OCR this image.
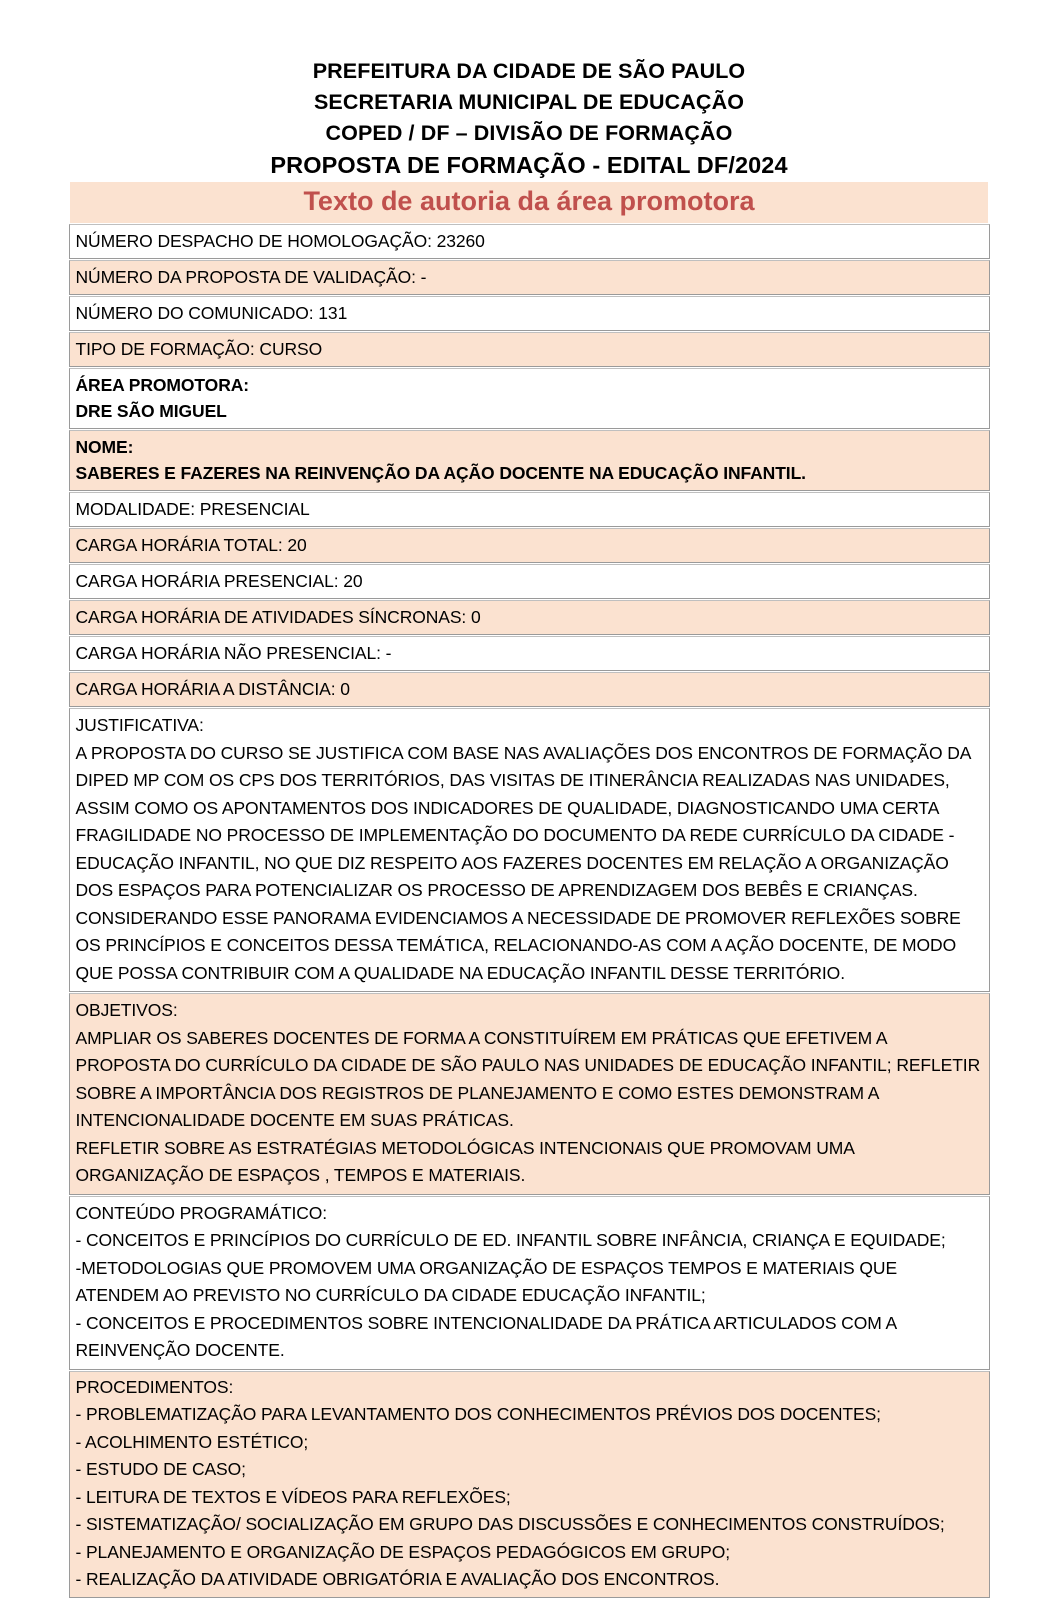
PREFEITURA DA CIDADE DE SÃO PAULO
SECRETARIA MUNICIPAL DE EDUCAÇÃO
COPED / DF – DIVISÃO DE FORMAÇÃO
PROPOSTA DE FORMAÇÃO - EDITAL DF/2024
Texto de autoria da área promotora
NÚMERO DESPACHO DE HOMOLOGAÇÃO: 23260
NÚMERO DA PROPOSTA DE VALIDAÇÃO: -
NÚMERO DO COMUNICADO: 131
TIPO DE FORMAÇÃO: CURSO
ÁREA PROMOTORA:
DRE SÃO MIGUEL
NOME:
SABERES E FAZERES NA REINVENÇÃO DA AÇÃO DOCENTE NA EDUCAÇÃO INFANTIL.
MODALIDADE: PRESENCIAL
CARGA HORÁRIA TOTAL: 20
CARGA HORÁRIA PRESENCIAL: 20
CARGA HORÁRIA DE ATIVIDADES SÍNCRONAS: 0
CARGA HORÁRIA NÃO PRESENCIAL: -
CARGA HORÁRIA A DISTÂNCIA: 0
JUSTIFICATIVA:
A PROPOSTA DO CURSO SE JUSTIFICA COM BASE NAS AVALIAÇÕES DOS ENCONTROS DE FORMAÇÃO DA DIPED MP COM OS CPS DOS TERRITÓRIOS, DAS VISITAS DE ITINERÂNCIA REALIZADAS NAS UNIDADES, ASSIM COMO OS APONTAMENTOS DOS INDICADORES DE QUALIDADE, DIAGNOSTICANDO UMA CERTA FRAGILIDADE NO PROCESSO DE IMPLEMENTAÇÃO DO DOCUMENTO DA REDE CURRÍCULO DA CIDADE - EDUCAÇÃO INFANTIL, NO QUE DIZ RESPEITO AOS FAZERES DOCENTES EM RELAÇÃO A ORGANIZAÇÃO DOS ESPAÇOS PARA POTENCIALIZAR OS PROCESSO DE APRENDIZAGEM DOS BEBÊS E CRIANÇAS.
CONSIDERANDO ESSE PANORAMA EVIDENCIAMOS A NECESSIDADE DE PROMOVER REFLEXÕES SOBRE OS PRINCÍPIOS E CONCEITOS DESSA TEMÁTICA, RELACIONANDO-AS COM A AÇÃO DOCENTE, DE MODO QUE POSSA CONTRIBUIR COM A QUALIDADE NA EDUCAÇÃO INFANTIL DESSE TERRITÓRIO.
OBJETIVOS:
AMPLIAR OS SABERES DOCENTES DE FORMA A CONSTITUÍREM EM PRÁTICAS QUE EFETIVEM A PROPOSTA DO CURRÍCULO DA CIDADE DE SÃO PAULO NAS UNIDADES DE EDUCAÇÃO INFANTIL; REFLETIR SOBRE A IMPORTÂNCIA DOS REGISTROS DE PLANEJAMENTO E COMO ESTES DEMONSTRAM A INTENCIONALIDADE DOCENTE EM SUAS PRÁTICAS.
REFLETIR SOBRE AS ESTRATÉGIAS METODOLÓGICAS INTENCIONAIS QUE PROMOVAM UMA ORGANIZAÇÃO DE ESPAÇOS , TEMPOS E MATERIAIS.
CONTEÚDO PROGRAMÁTICO:
- CONCEITOS E PRINCÍPIOS DO CURRÍCULO DE ED. INFANTIL SOBRE INFÂNCIA, CRIANÇA E EQUIDADE;
-METODOLOGIAS QUE PROMOVEM UMA ORGANIZAÇÃO DE ESPAÇOS TEMPOS E MATERIAIS QUE ATENDEM AO PREVISTO NO CURRÍCULO DA CIDADE EDUCAÇÃO INFANTIL;
- CONCEITOS E PROCEDIMENTOS SOBRE INTENCIONALIDADE DA PRÁTICA ARTICULADOS COM A REINVENÇÃO DOCENTE.
PROCEDIMENTOS:
- PROBLEMATIZAÇÃO PARA LEVANTAMENTO DOS CONHECIMENTOS PRÉVIOS DOS DOCENTES;
- ACOLHIMENTO ESTÉTICO;
- ESTUDO DE CASO;
- LEITURA DE TEXTOS E VÍDEOS PARA REFLEXÕES;
- SISTEMATIZAÇÃO/ SOCIALIZAÇÃO EM GRUPO DAS DISCUSSÕES E CONHECIMENTOS CONSTRUÍDOS;
- PLANEJAMENTO E ORGANIZAÇÃO DE ESPAÇOS PEDAGÓGICOS EM GRUPO;
- REALIZAÇÃO DA ATIVIDADE OBRIGATÓRIA E AVALIAÇÃO DOS ENCONTROS.
